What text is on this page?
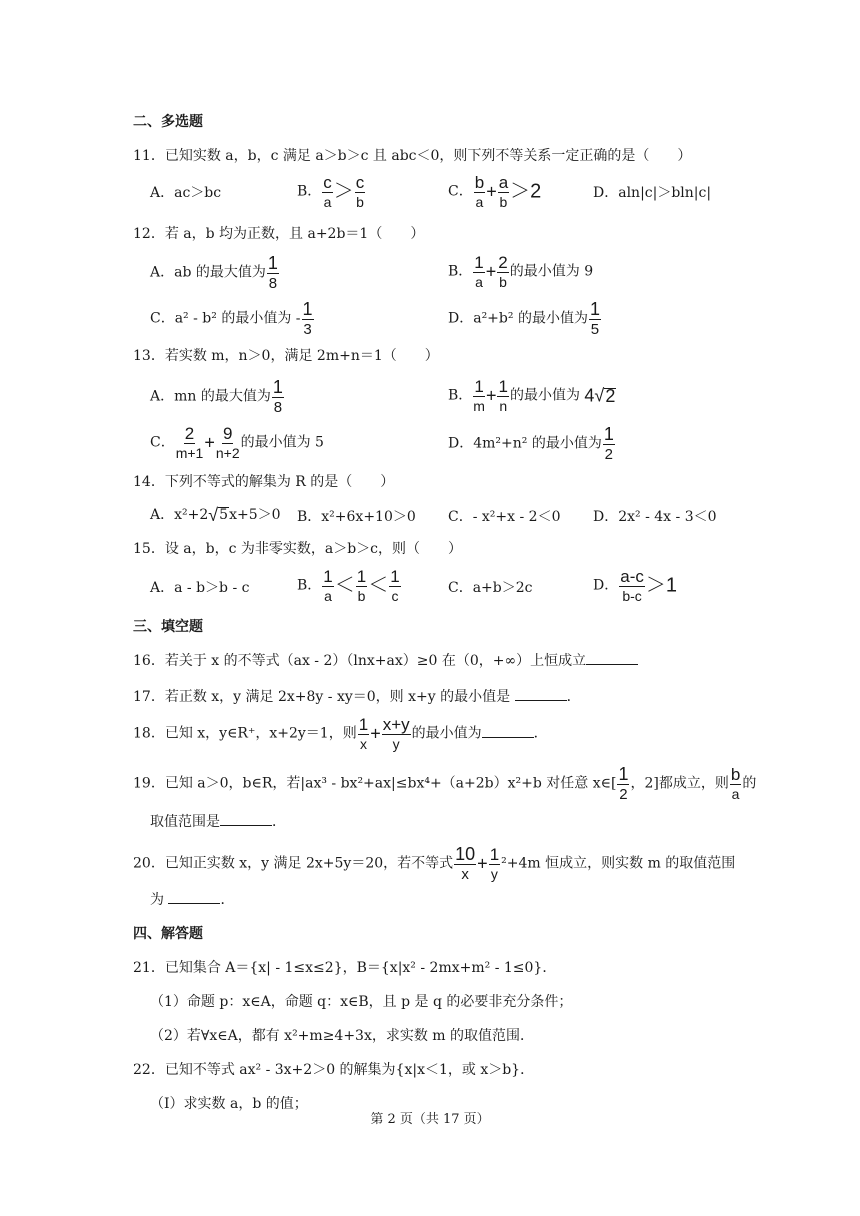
二、多选题
11．已知实数 a，b，c 满足 a＞b＞c 且 abc＜0，则下列不等关系一定正确的是（　　）
A．ac＞bc	B． $\frac{c}{a} > \frac{c}{b}$	C． $\frac{b}{a} + \frac{a}{b} >2$	D．aln|c|＞bln|c|
12．若 a，b 均为正数，且 a+2b＝1（　　）
A．ab 的最大值为 $\frac{1}{8}$	B． $\frac{1}{a} + \frac{2}{b}$ 的最小值为 9
C．a² - b² 的最小值为 - $\frac{1}{3}$	D．a²+b² 的最小值为 $\frac{1}{5}$
13．若实数 m，n＞0，满足 2m+n＝1（　　）
A．mn 的最大值为 $\frac{1}{8}$	B． $\frac{1}{m} + \frac{1}{n}$ 的最小值为 4√2
C． $\frac{2}{m+1} + \frac{9}{n+2}$ 的最小值为 5	D．4m²+n² 的最小值为 $\frac{1}{2}$
14．下列不等式的解集为 R 的是（　　）
A．x²+2√5x+5＞0 B．x²+6x+10＞0 C．- x²+x - 2＜0 D．2x² - 4x - 3＜0
15．设 a，b，c 为非零实数，a＞b＞c，则（　　）
A．a - b＞b - c	B． $\frac{1}{a} < \frac{1}{b} < \frac{1}{c}$	C．a+b＞2c	D． $\frac{a-c}{b-c} >1$
三、填空题
16．若关于 x 的不等式（ax - 2）（lnx+ax）≥0 在（0，+∞）上恒成立
17．若正数 x，y 满足 2x+8y - xy＝0，则 x+y 的最小值是	．
18．已知 x，y∈R⁺，x+2y＝1，则 $\frac{1}{x} + \frac{x+y}{y}$ 的最小值为	．
19．已知 a＞0，b∈R，若|ax³ - bx²+ax|≤bx⁴+（a+2b）x²+b 对任意 x∈[ $\frac{1}{2}$ ，2]都成立，则 $\frac{b}{a}$ 的
取值范围是	．
20．已知正实数 x，y 满足 2x+5y＝20，若不等式 $\frac{10}{x} + \frac{1}{y} ^2+4m$ 恒成立，则实数 m 的取值范围
为	．
四、解答题
21．已知集合 A＝{x| - 1≤x≤2}，B＝{x|x² - 2mx+m² - 1≤0}．
（1）命题 p：x∈A，命题 q：x∈B，且 p 是 q 的必要非充分条件；
（2）若∀x∈A，都有 x²+m≥4+3x，求实数 m 的取值范围．
22．已知不等式 ax² - 3x+2＞0 的解集为{x|x＜1，或 x＞b}．
（Ⅰ）求实数 a，b 的值；
第 2 页（共 17 页）
